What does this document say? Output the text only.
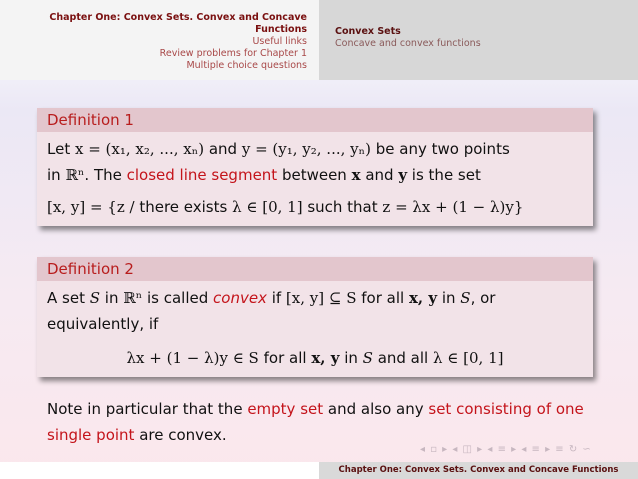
Chapter One: Convex Sets. Convex and Concave Functions
Useful links
Review problems for Chapter 1
Multiple choice questions
Convex Sets
Concave and convex functions
Definition 1
Let x = (x₁, x₂, ..., xₙ) and y = (y₁, y₂, ..., yₙ) be any two points
in ℝⁿ. The closed line segment between x and y is the set
[x, y] = {z / there exists λ ∈ [0, 1] such that z = λx + (1 − λ)y}
Definition 2
A set S in ℝⁿ is called convex if [x, y] ⊆ S for all x, y in S, or
equivalently, if
λx + (1 − λ)y ∈ S for all x, y in S and all λ ∈ [0, 1]
Note in particular that the empty set and also any set consisting of one single point are convex.
◂ ▫ ▸ ◂ ◫ ▸ ◂ ≡ ▸ ◂ ≡ ▸ ≡ ↻ ∽
Chapter One: Convex Sets. Convex and Concave Functions
